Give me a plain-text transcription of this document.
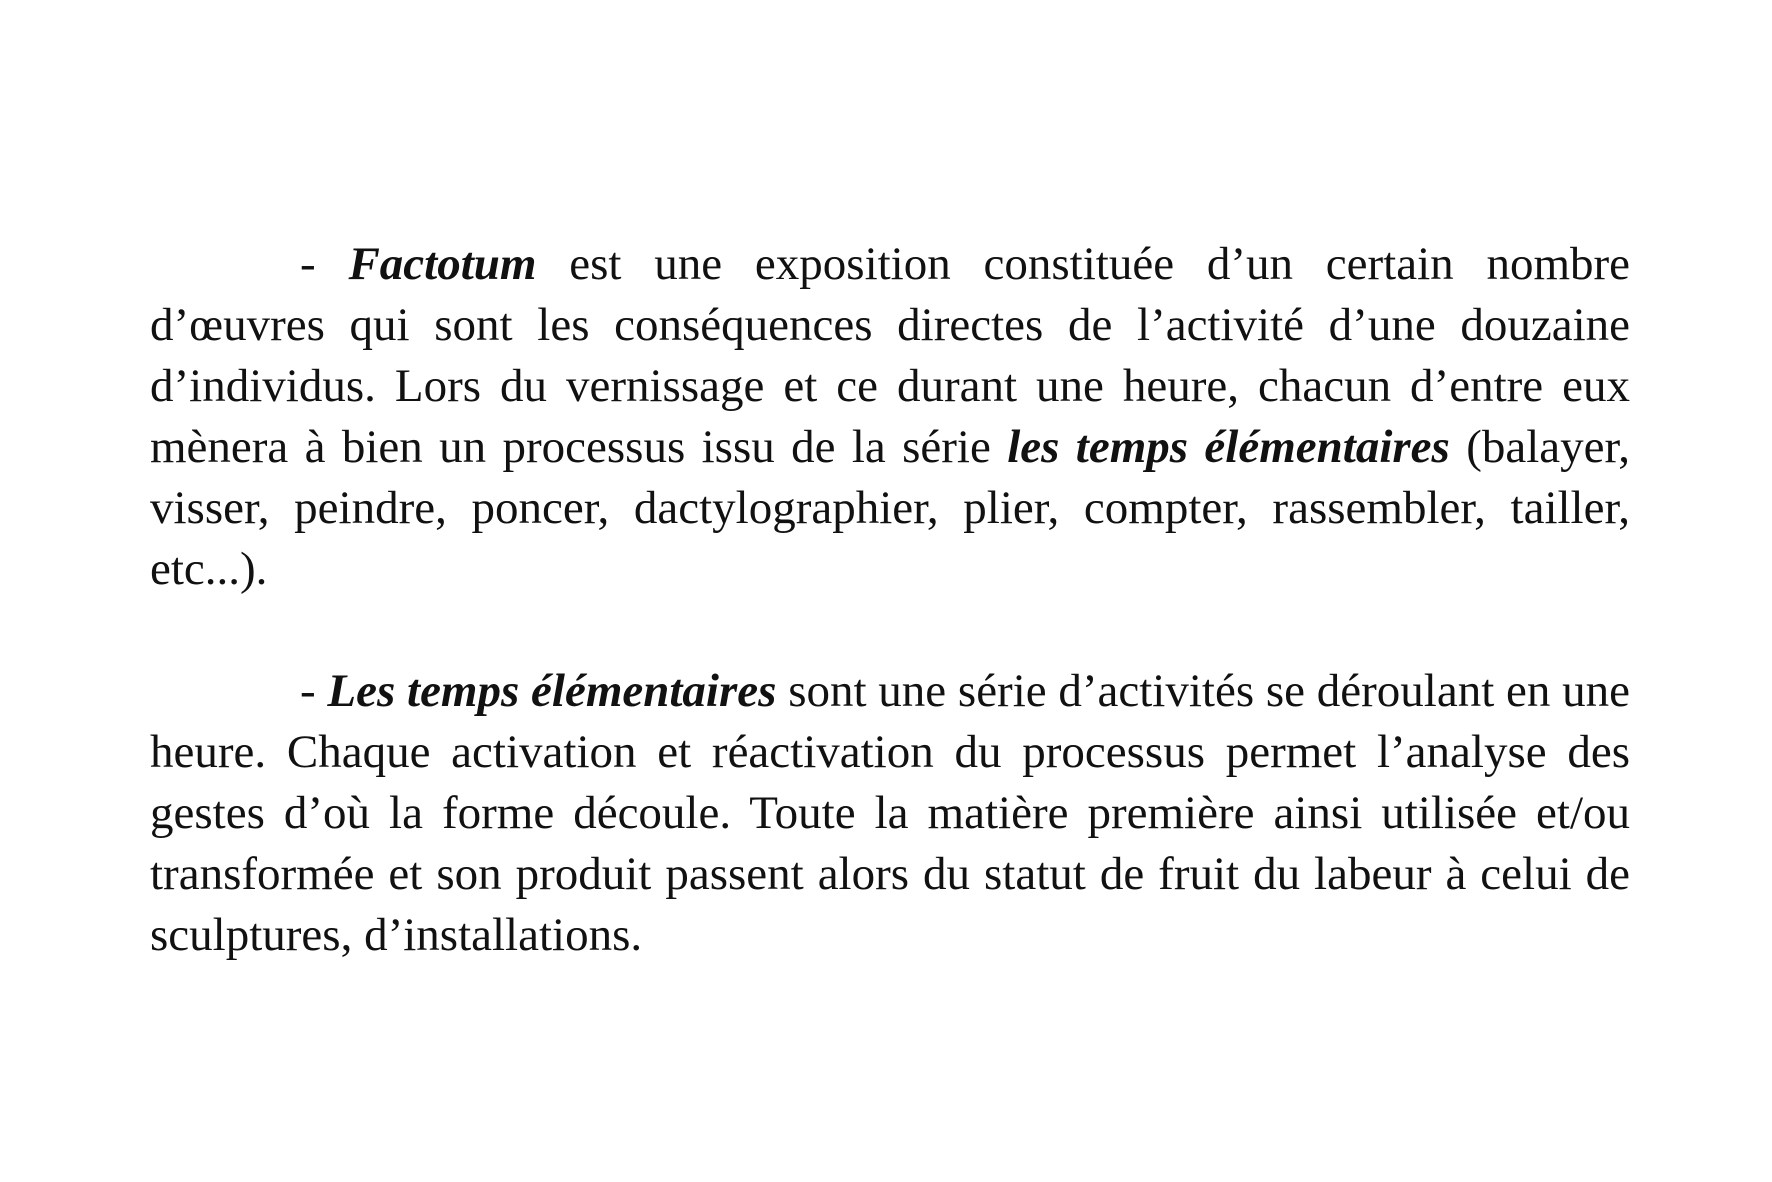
- Factotum est une exposition constituée d’un certain nombre d’œuvres qui sont les conséquences directes de l’activité d’une douzaine d’individus. Lors du vernissage et ce durant une heure, chacun d’entre eux mènera à bien un processus issu de la série les temps élémentaires (balayer, visser, peindre, poncer, dactylographier, plier, compter, rassembler, tailler, etc...).

- Les temps élémentaires sont une série d’activités se déroulant en une heure. Chaque activation et réactivation du processus permet l’analyse des gestes d’où la forme découle. Toute la matière première ainsi utilisée et/ou transformée et son produit passent alors du statut de fruit du labeur à celui de sculptures, d’installations.
